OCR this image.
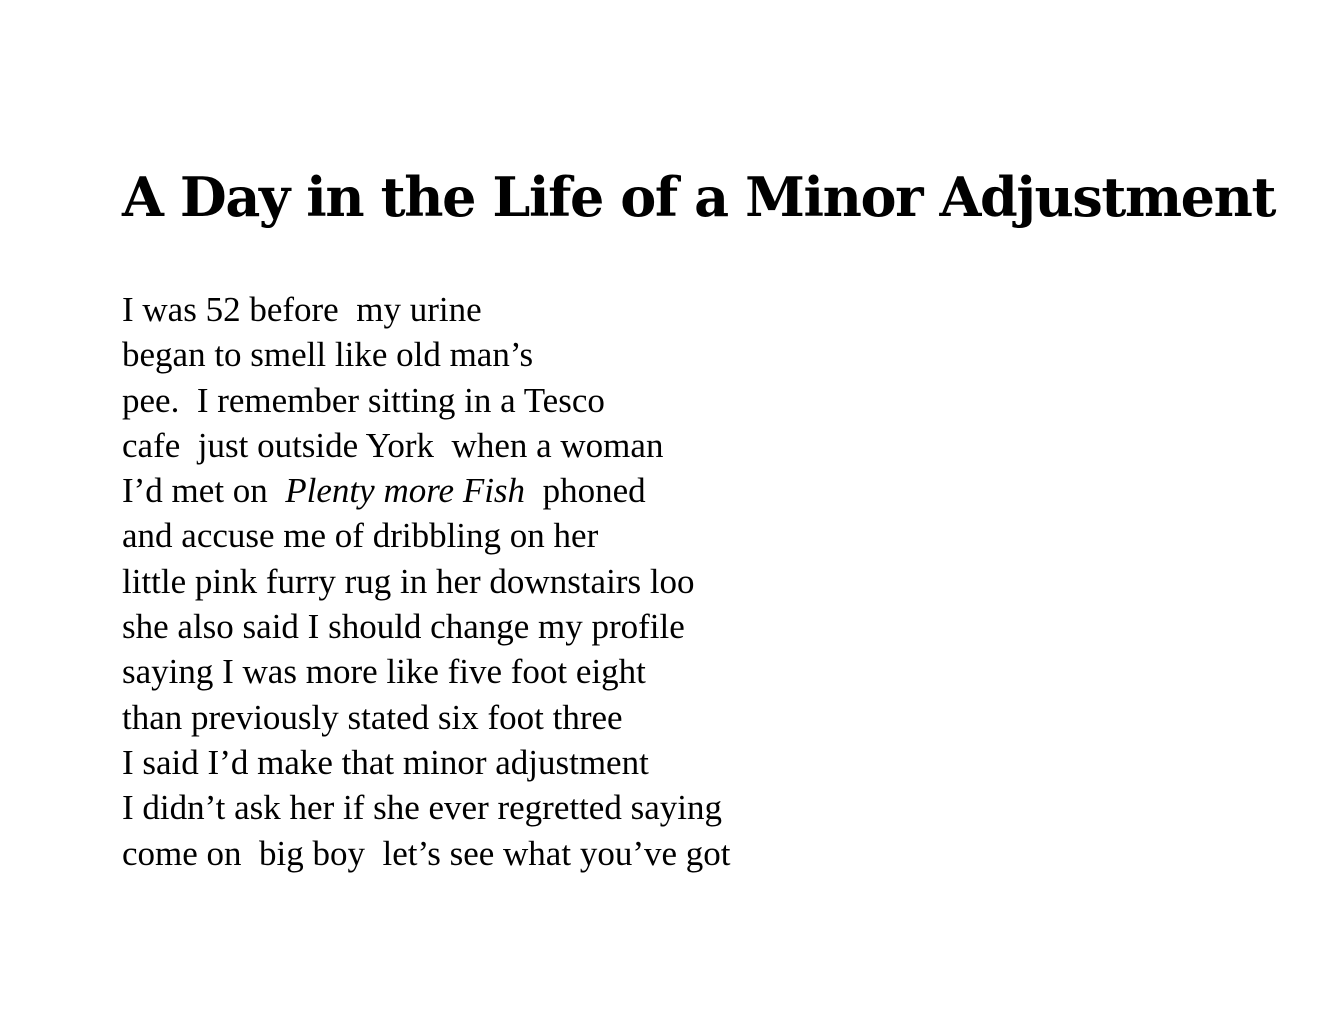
A Day in the Life of a Minor Adjustment
I was 52 before  my urine
began to smell like old man’s
pee.  I remember sitting in a Tesco
cafe  just outside York  when a woman
I’d met on  Plenty more Fish  phoned
and accuse me of dribbling on her
little pink furry rug in her downstairs loo
she also said I should change my profile
saying I was more like five foot eight
than previously stated six foot three
I said I’d make that minor adjustment
I didn’t ask her if she ever regretted saying
come on  big boy  let’s see what you’ve got
